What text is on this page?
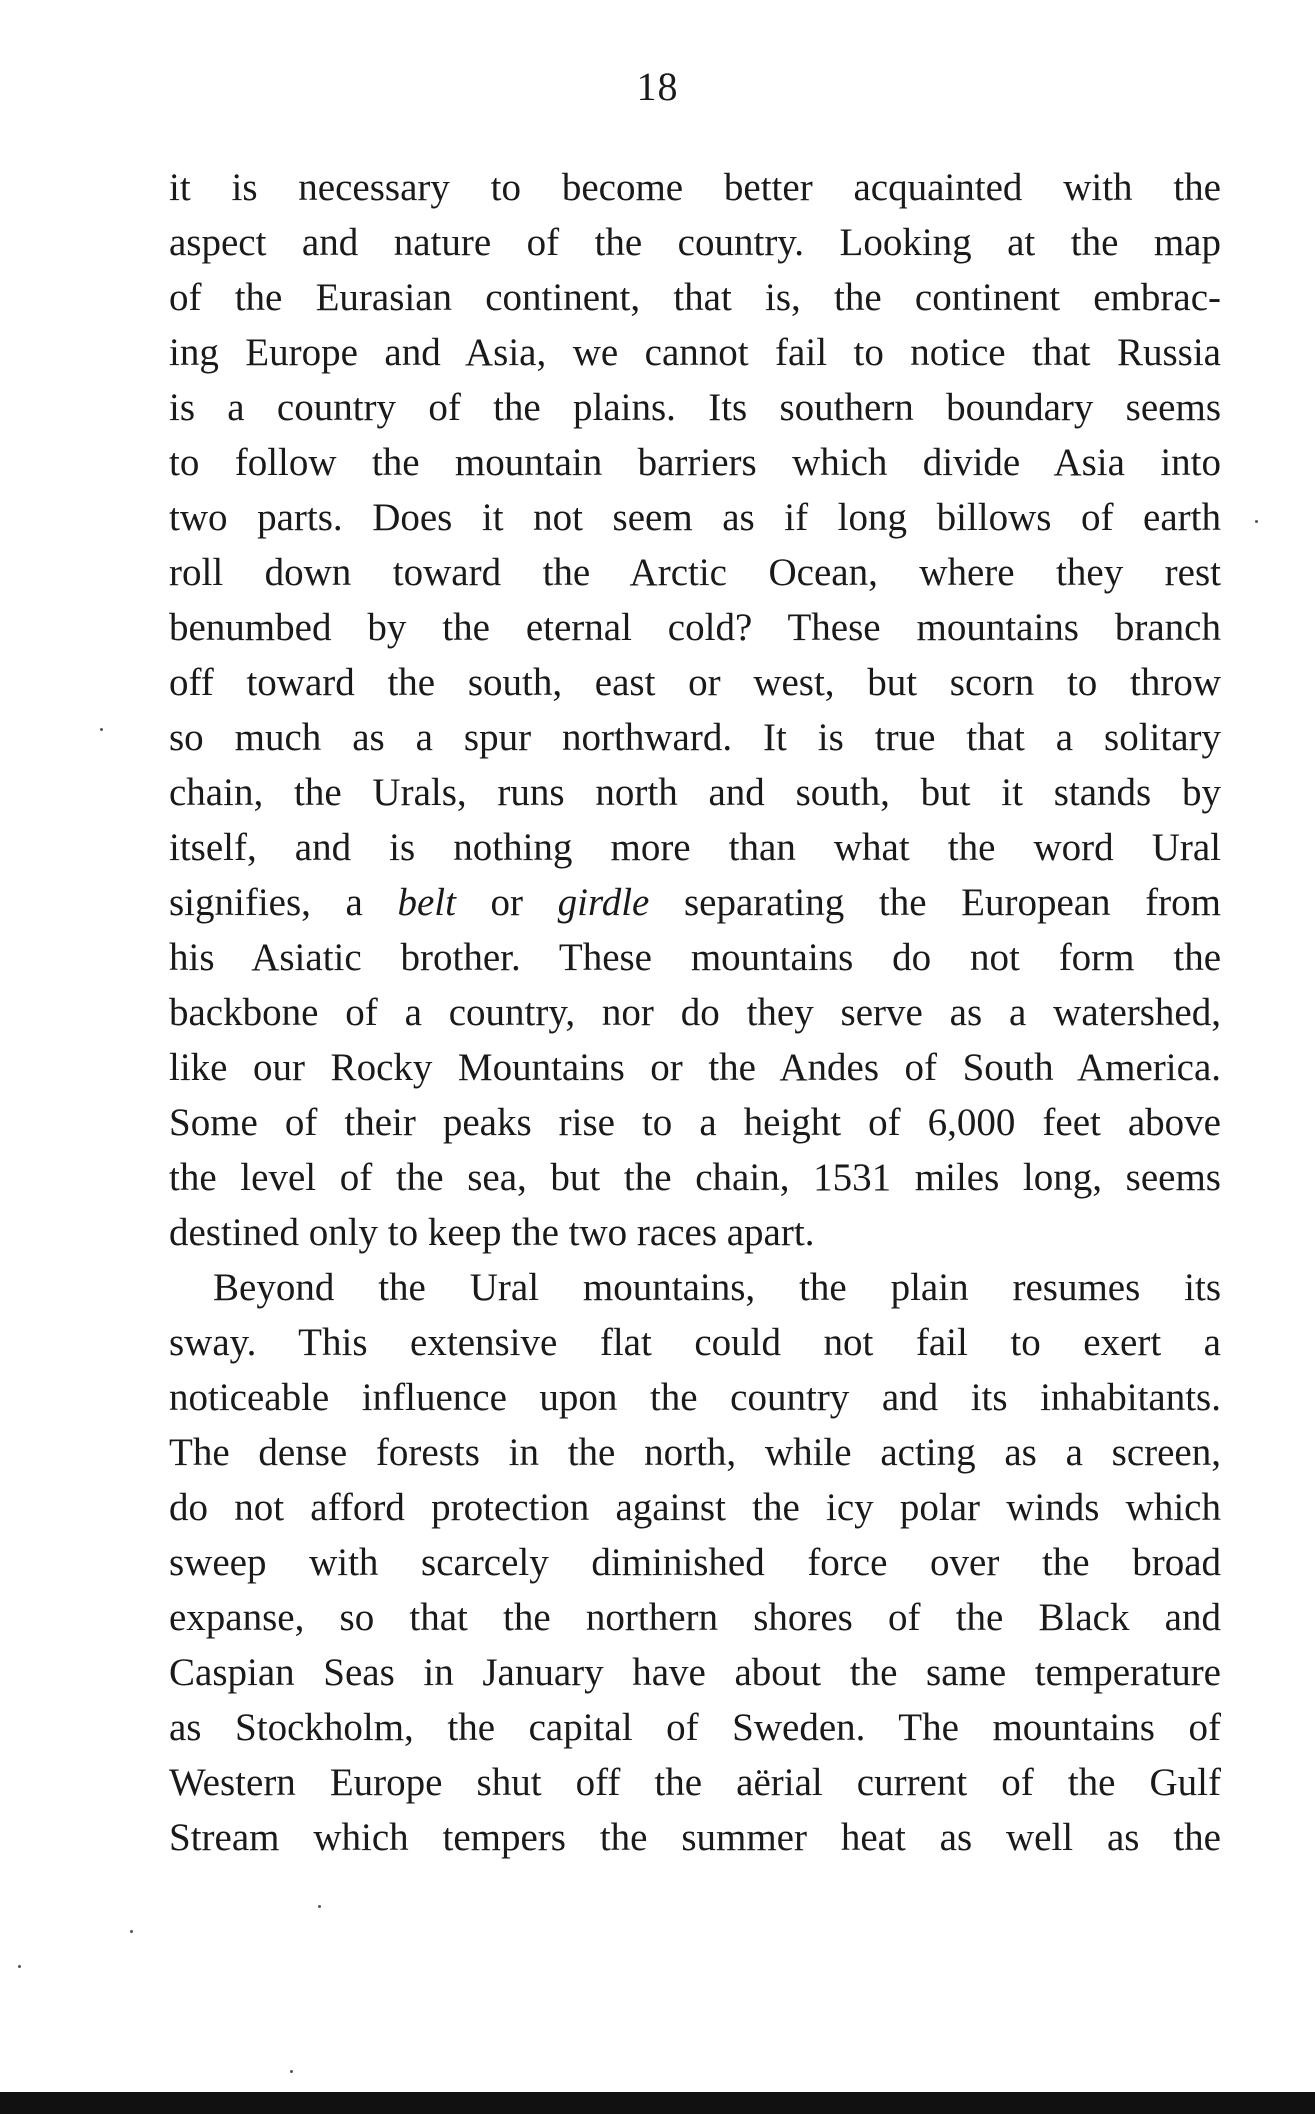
18

it is necessary to become better acquainted with the
aspect and nature of the country. Looking at the map
of the Eurasian continent, that is, the continent embrac-
ing Europe and Asia, we cannot fail to notice that Russia
is a country of the plains. Its southern boundary seems
to follow the mountain barriers which divide Asia into
two parts. Does it not seem as if long billows of earth
roll down toward the Arctic Ocean, where they rest
benumbed by the eternal cold? These mountains branch
off toward the south, east or west, but scorn to throw
so much as a spur northward. It is true that a solitary
chain, the Urals, runs north and south, but it stands by
itself, and is nothing more than what the word Ural
signifies, a belt or girdle separating the European from
his Asiatic brother. These mountains do not form the
backbone of a country, nor do they serve as a watershed,
like our Rocky Mountains or the Andes of South America.
Some of their peaks rise to a height of 6,000 feet above
the level of the sea, but the chain, 1531 miles long, seems
destined only to keep the two races apart.

Beyond the Ural mountains, the plain resumes its
sway. This extensive flat could not fail to exert a
noticeable influence upon the country and its inhabitants.
The dense forests in the north, while acting as a screen,
do not afford protection against the icy polar winds which
sweep with scarcely diminished force over the broad
expanse, so that the northern shores of the Black and
Caspian Seas in January have about the same temperature
as Stockholm, the capital of Sweden. The mountains of
Western Europe shut off the aërial current of the Gulf
Stream which tempers the summer heat as well as the
